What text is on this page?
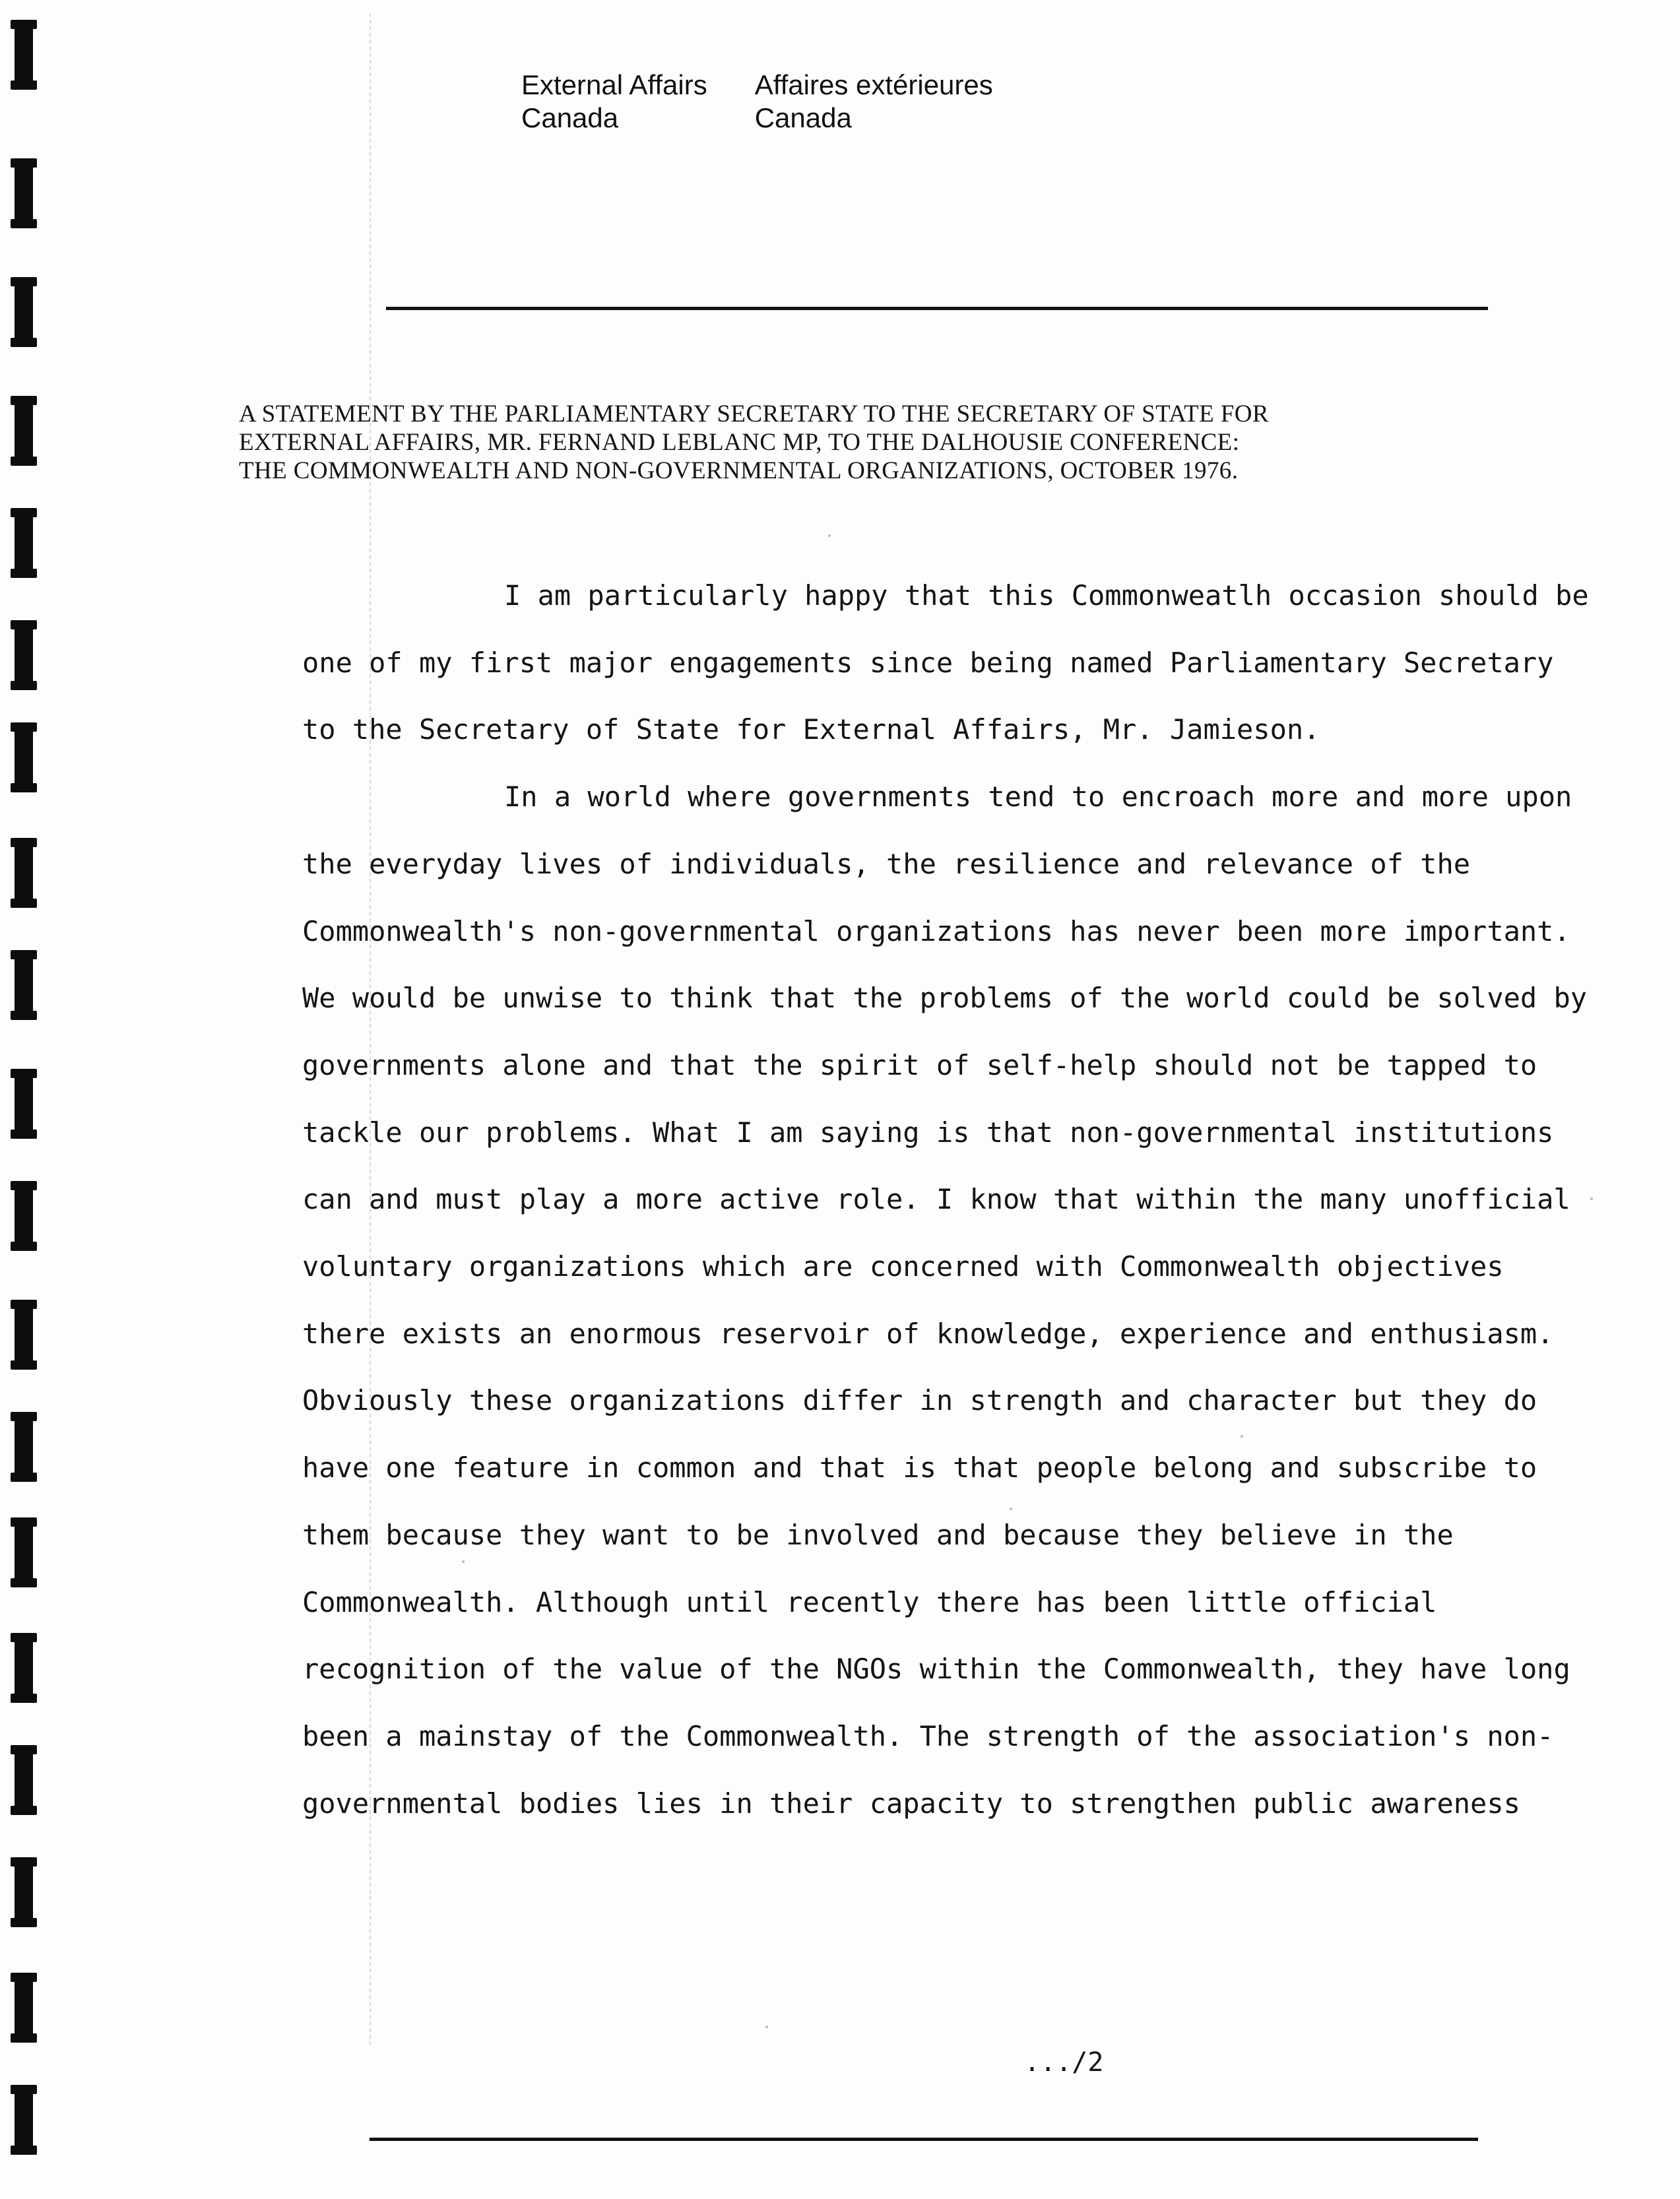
External Affairs
Canada
Affaires extérieures
Canada
A STATEMENT BY THE PARLIAMENTARY SECRETARY TO THE SECRETARY OF STATE FOR
EXTERNAL AFFAIRS, MR. FERNAND LEBLANC MP, TO THE DALHOUSIE CONFERENCE:
THE COMMONWEALTH AND NON-GOVERNMENTAL ORGANIZATIONS, OCTOBER 1976.

I am particularly happy that this Commonweatlh occasion should be one of my first major engagements since being named Parliamentary Secretary to the Secretary of State for External Affairs, Mr. Jamieson.

In a world where governments tend to encroach more and more upon the everyday lives of individuals, the resilience and relevance of the Commonwealth's non-governmental organizations has never been more important. We would be unwise to think that the problems of the world could be solved by governments alone and that the spirit of self-help should not be tapped to tackle our problems. What I am saying is that non-governmental institutions can and must play a more active role. I know that within the many unofficial voluntary organizations which are concerned with Commonwealth objectives there exists an enormous reservoir of knowledge, experience and enthusiasm. Obviously these organizations differ in strength and character but they do have one feature in common and that is that people belong and subscribe to them because they want to be involved and because they believe in the Commonwealth. Although until recently there has been little official recognition of the value of the NGOs within the Commonwealth, they have long been a mainstay of the Commonwealth. The strength of the association's non-governmental bodies lies in their capacity to strengthen public awareness

.../2
